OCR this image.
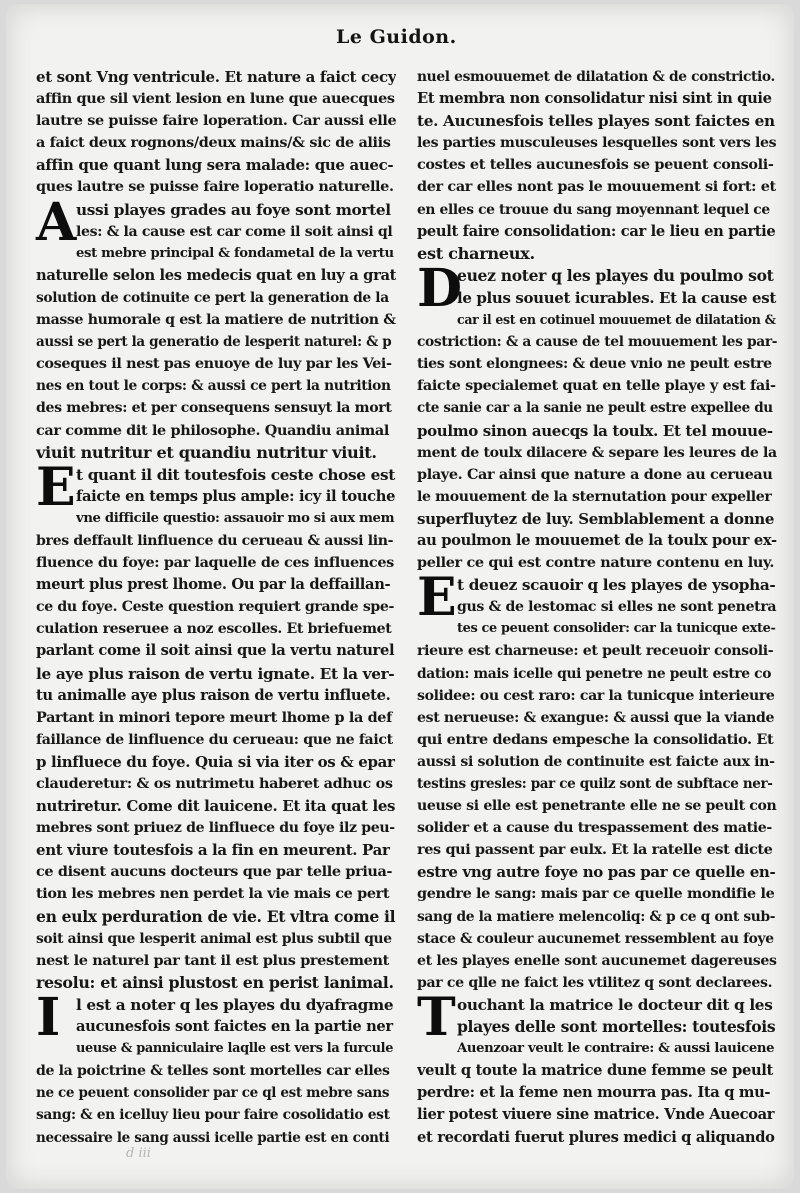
Le Guidon.
et sont Vng ventricule. Et nature a faict cecy
affin que sil vient lesion en lune que auecques
lautre se puisse faire loperation. Car aussi elle
a faict deux rognons/deux mains/& sic de aliis
affin que quant lung sera malade: que auec-
ques lautre se puisse faire loperatio naturelle.
A ussi playes grades au foye sont mortel
les: & la cause est car come il soit ainsi ql
est mebre principal & fondametal de la vertu
naturelle selon les medecis quat en luy a grat
solution de cotinuite ce pert la generation de la
masse humorale q est la matiere de nutrition &
aussi se pert la generatio de lesperit naturel: & p
coseques il nest pas enuoye de luy par les Vei-
nes en tout le corps: & aussi ce pert la nutrition
des mebres: et per consequens sensuyt la mort
car comme dit le philosophe. Quandiu animal
viuit nutritur et quandiu nutritur viuit.
E t quant il dit toutesfois ceste chose est
faicte en temps plus ample: icy il touche
vne difficile questio: assauoir mo si aux mem
bres deffault linfluence du cerueau & aussi lin-
fluence du foye: par laquelle de ces influences
meurt plus prest lhome. Ou par la deffaillan-
ce du foye. Ceste question requiert grande spe-
culation reseruee a noz escolles. Et briefuemet
parlant come il soit ainsi que la vertu naturel
le aye plus raison de vertu ignate. Et la ver-
tu animalle aye plus raison de vertu influete.
Partant in minori tepore meurt lhome p la def
faillance de linfluence du cerueau: que ne faict
p linfluece du foye. Quia si via iter os & epar
clauderetur: & os nutrimetu haberet adhuc os
nutriretur. Come dit lauicene. Et ita quat les
mebres sont priuez de linfluece du foye ilz peu-
ent viure toutesfois a la fin en meurent. Par
ce disent aucuns docteurs que par telle priua-
tion les mebres nen perdet la vie mais ce pert
en eulx perduration de vie. Et vltra come il
soit ainsi que lesperit animal est plus subtil que
nest le naturel par tant il est plus prestement
resolu: et ainsi plustost en perist lanimal.
I	l est a noter q les playes du dyafragme
aucunesfois sont faictes en la partie ner
ueuse & panniculaire laqlle est vers la furcule
de la poictrine & telles sont mortelles car elles
ne ce peuent consolider par ce ql est mebre sans
sang: & en icelluy lieu pour faire cosolidatio est
necessaire le sang aussi icelle partie est en conti
nuel esmouuemet de dilatation & de constrictio.
Et membra non consolidatur nisi sint in quie
te. Aucunesfois telles playes sont faictes en
les parties musculeuses lesquelles sont vers les
costes et telles aucunesfois se peuent consoli-
der car elles nont pas le mouuement si fort: et
en elles ce trouue du sang moyennant lequel ce
peult faire consolidation: car le lieu en partie
est charneux.
D
euez noter q les playes du poulmo sot
le plus souuet icurables. Et la cause est
car il est en cotinuel mouuemet de dilatation &
costriction: & a cause de tel mouuement les par-
ties sont elongnees: & deue vnio ne peult estre
faicte specialemet quat en telle playe y est fai-
cte sanie car a la sanie ne peult estre expellee du
poulmo sinon auecqs la toulx. Et tel mouue-
ment de toulx dilacere & separe les leures de la
playe. Car ainsi que nature a done au cerueau
le mouuement de la sternutation pour expeller
superfluytez de luy. Semblablement a donne
au poulmon le mouuemet de la toulx pour ex-
peller ce qui est contre nature contenu en luy.
E t deuez scauoir q les playes de ysopha-
gus & de lestomac si elles ne sont penetra
tes ce peuent consolider: car la tunicque exte-
rieure est charneuse: et peult receuoir consoli-
dation: mais icelle qui penetre ne peult estre co
solidee: ou cest raro: car la tunicque interieure
est nerueuse: & exangue: & aussi que la viande
qui entre dedans empesche la consolidatio. Et
aussi si solution de continuite est faicte aux in-
testins gresles: par ce quilz sont de subftace ner-
ueuse si elle est penetrante elle ne se peult con
solider et a cause du trespassement des matie-
res qui passent par eulx. Et la ratelle est dicte
estre vng autre foye no pas par ce quelle en-
gendre le sang: mais par ce quelle mondifie le
sang de la matiere melencoliq: & p ce q ont sub-
stace & couleur aucunemet ressemblent au foye
et les playes enelle sont aucunemet dagereuses
par ce qlle ne faict les vtilitez q sont declarees.
T ouchant la matrice le docteur dit q les
playes delle sont mortelles: toutesfois
Auenzoar veult le contraire: & aussi lauicene
veult q toute la matrice dune femme se peult
perdre: et la feme nen mourra pas. Ita q mu-
lier potest viuere sine matrice. Vnde Auecoar
et recordati fuerut plures medici q aliquando
d iii
